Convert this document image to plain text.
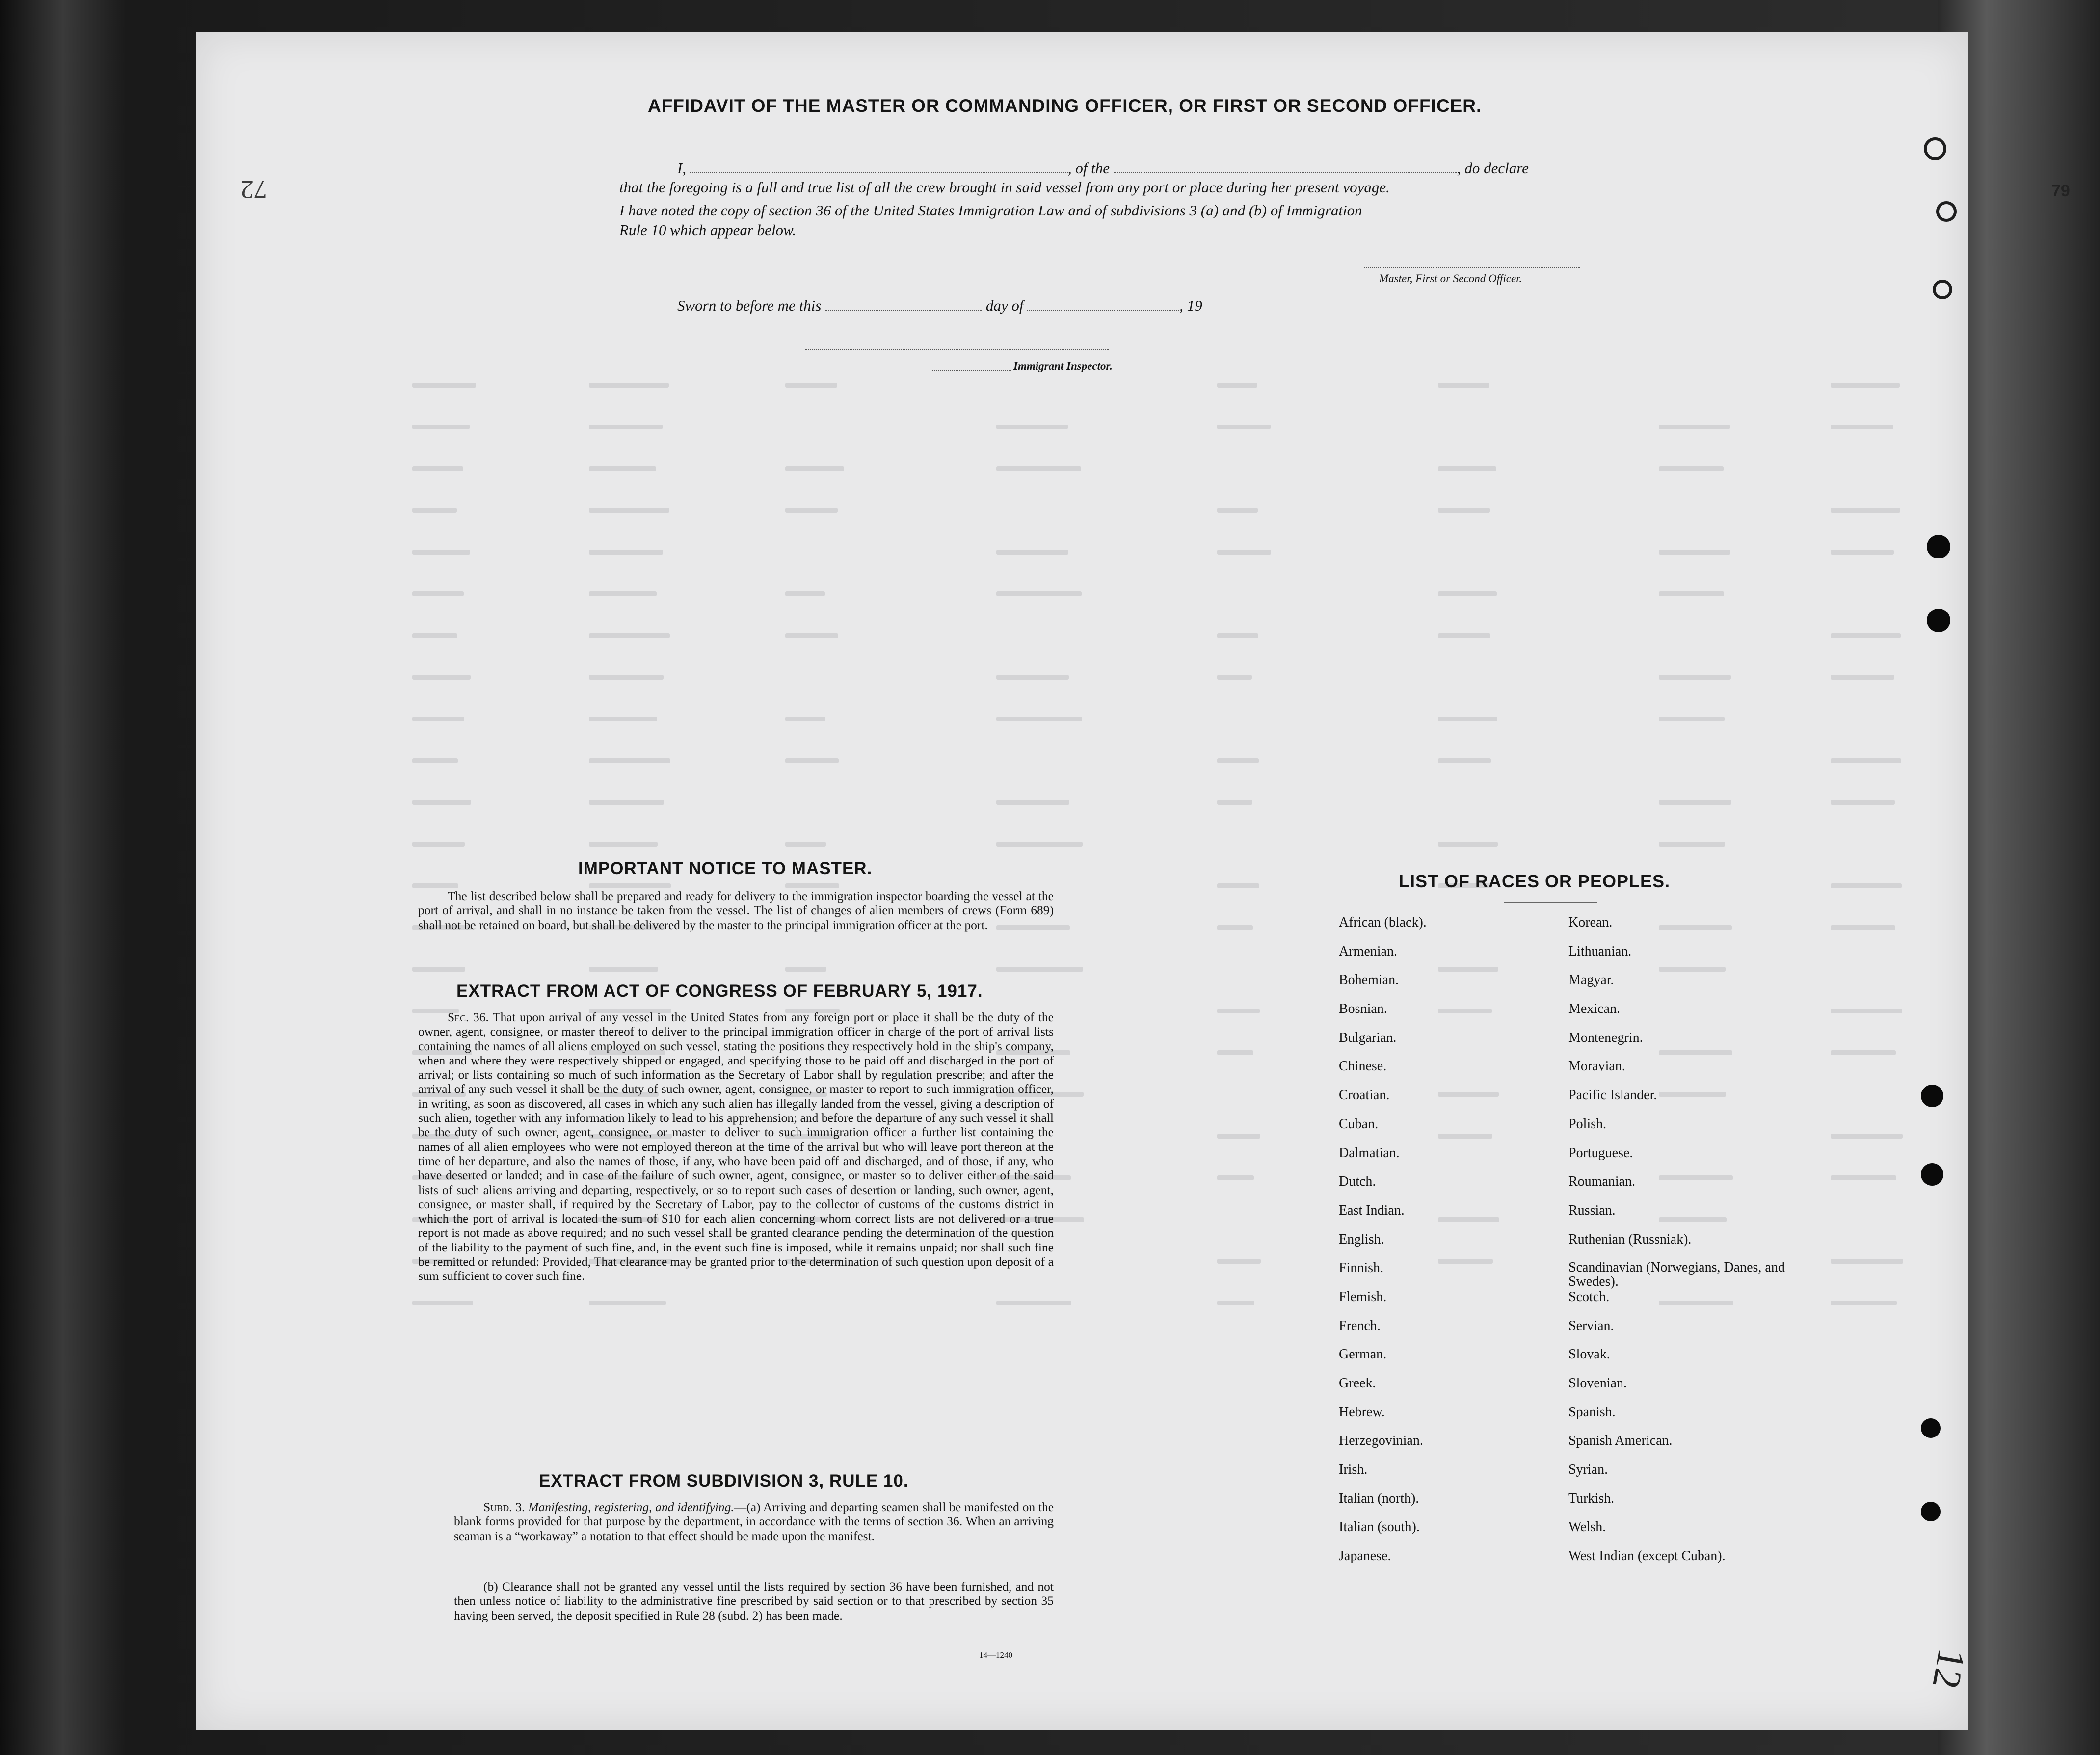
72	79
12
AFFIDAVIT OF THE MASTER OR COMMANDING OFFICER, OR FIRST OR SECOND OFFICER.
I,	, of the	, do declare
that the foregoing is a full and true list of all the crew brought in said vessel from any port or place during her present voyage.
I have noted the copy of section 36 of the United States Immigration Law and of subdivisions 3 (a) and (b) of Immigration
Rule 10 which appear below.
Master, First or Second Officer.
Sworn to before me this	day of	, 19
Immigrant Inspector.
IMPORTANT NOTICE TO MASTER.
The list described below shall be prepared and ready for delivery to the immigration inspector boarding the vessel at the port of arrival, and shall in no instance be taken from the vessel. The list of changes of alien members of crews (Form 689) shall not be retained on board, but shall be delivered by the master to the principal immigration officer at the port.
EXTRACT FROM ACT OF CONGRESS OF FEBRUARY 5, 1917.
Sec. 36. That upon arrival of any vessel in the United States from any foreign port or place it shall be the duty of the owner, agent, consignee, or master thereof to deliver to the principal immigration officer in charge of the port of arrival lists containing the names of all aliens employed on such vessel, stating the positions they respectively hold in the ship's company, when and where they were respectively shipped or engaged, and specifying those to be paid off and discharged in the port of arrival; or lists containing so much of such information as the Secretary of Labor shall by regulation prescribe; and after the arrival of any such vessel it shall be the duty of such owner, agent, consignee, or master to report to such immigration officer, in writing, as soon as discovered, all cases in which any such alien has illegally landed from the vessel, giving a description of such alien, together with any information likely to lead to his apprehension; and before the departure of any such vessel it shall be the duty of such owner, agent, consignee, or master to deliver to such immigration officer a further list containing the names of all alien employees who were not employed thereon at the time of the arrival but who will leave port thereon at the time of her departure, and also the names of those, if any, who have been paid off and discharged, and of those, if any, who have deserted or landed; and in case of the failure of such owner, agent, consignee, or master so to deliver either of the said lists of such aliens arriving and departing, respectively, or so to report such cases of desertion or landing, such owner, agent, consignee, or master shall, if required by the Secretary of Labor, pay to the collector of customs of the customs district in which the port of arrival is located the sum of $10 for each alien concerning whom correct lists are not delivered or a true report is not made as above required; and no such vessel shall be granted clearance pending the determination of the question of the liability to the payment of such fine, and, in the event such fine is imposed, while it remains unpaid; nor shall such fine be remitted or refunded: Provided, That clearance may be granted prior to the determination of such question upon deposit of a sum sufficient to cover such fine.
EXTRACT FROM SUBDIVISION 3, RULE 10.
Subd. 3. Manifesting, registering, and identifying.—(a) Arriving and departing seamen shall be manifested on the blank forms provided for that purpose by the department, in accordance with the terms of section 36. When an arriving seaman is a “workaway” a notation to that effect should be made upon the manifest.
(b) Clearance shall not be granted any vessel until the lists required by section 36 have been furnished, and not then unless notice of liability to the administrative fine prescribed by said section or to that prescribed by section 35 having been served, the deposit specified in Rule 28 (subd. 2) has been made.
14—1240
LIST OF RACES OR PEOPLES.
African (black).
Armenian.
Bohemian.
Bosnian.
Bulgarian.
Chinese.
Croatian.
Cuban.
Dalmatian.
Dutch.
East Indian.
English.
Finnish.
Flemish.
French.
German.
Greek.
Hebrew.
Herzegovinian.
Irish.
Italian (north).
Italian (south).
Japanese.
Korean.
Lithuanian.
Magyar.
Mexican.
Montenegrin.
Moravian.
Pacific Islander.
Polish.
Portuguese.
Roumanian.
Russian.
Ruthenian (Russniak).
Scandinavian (Norwegians, Danes, and Swedes).
Scotch.
Servian.
Slovak.
Slovenian.
Spanish.
Spanish American.
Syrian.
Turkish.
Welsh.
West Indian (except Cuban).
